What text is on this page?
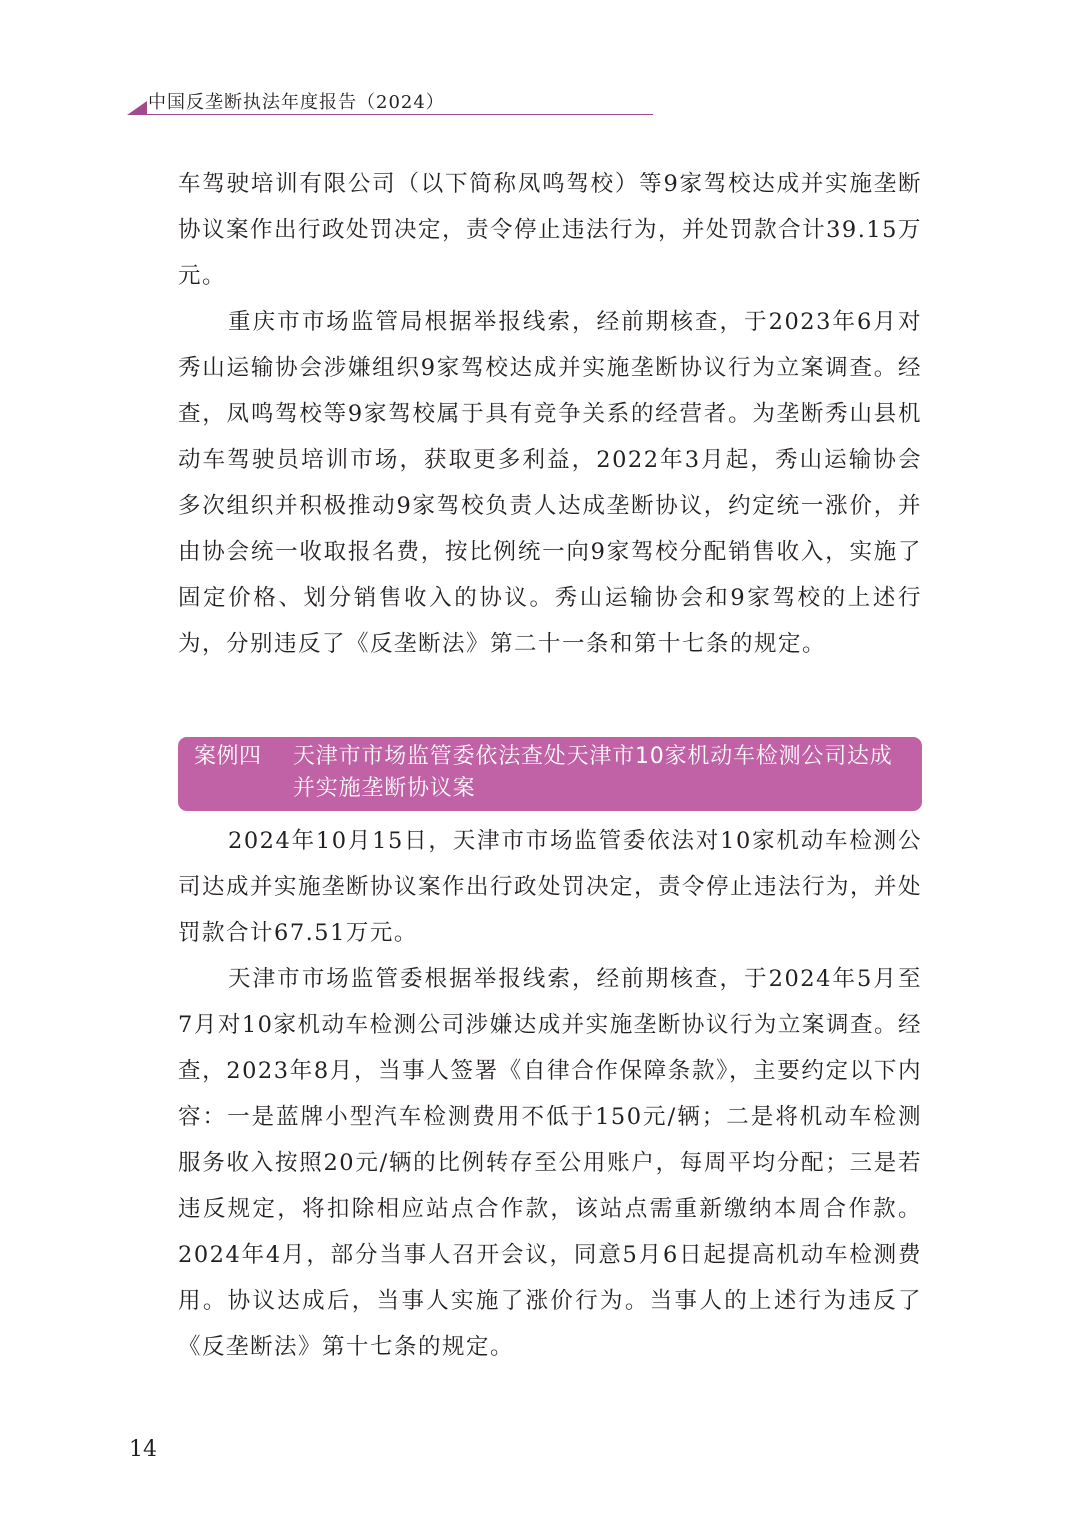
中国反垄断执法年度报告（2024）

车驾驶培训有限公司（以下简称凤鸣驾校）等9家驾校达成并实施垄断协议案作出行政处罚决定，责令停止违法行为，并处罚款合计39.15万元。

重庆市市场监管局根据举报线索，经前期核查，于2023年6月对秀山运输协会涉嫌组织9家驾校达成并实施垄断协议行为立案调查。经查，凤鸣驾校等9家驾校属于具有竞争关系的经营者。为垄断秀山县机动车驾驶员培训市场，获取更多利益，2022年3月起，秀山运输协会多次组织并积极推动9家驾校负责人达成垄断协议，约定统一涨价，并由协会统一收取报名费，按比例统一向9家驾校分配销售收入，实施了固定价格、划分销售收入的协议。秀山运输协会和9家驾校的上述行为，分别违反了《反垄断法》第二十一条和第十七条的规定。

案例四 天津市市场监管委依法查处天津市10家机动车检测公司达成并实施垄断协议案

2024年10月15日，天津市市场监管委依法对10家机动车检测公司达成并实施垄断协议案作出行政处罚决定，责令停止违法行为，并处罚款合计67.51万元。

天津市市场监管委根据举报线索，经前期核查，于2024年5月至7月对10家机动车检测公司涉嫌达成并实施垄断协议行为立案调查。经查，2023年8月，当事人签署《自律合作保障条款》，主要约定以下内容：一是蓝牌小型汽车检测费用不低于150元/辆；二是将机动车检测服务收入按照20元/辆的比例转存至公用账户，每周平均分配；三是若违反规定，将扣除相应站点合作款，该站点需重新缴纳本周合作款。2024年4月，部分当事人召开会议，同意5月6日起提高机动车检测费用。协议达成后，当事人实施了涨价行为。当事人的上述行为违反了《反垄断法》第十七条的规定。

14
